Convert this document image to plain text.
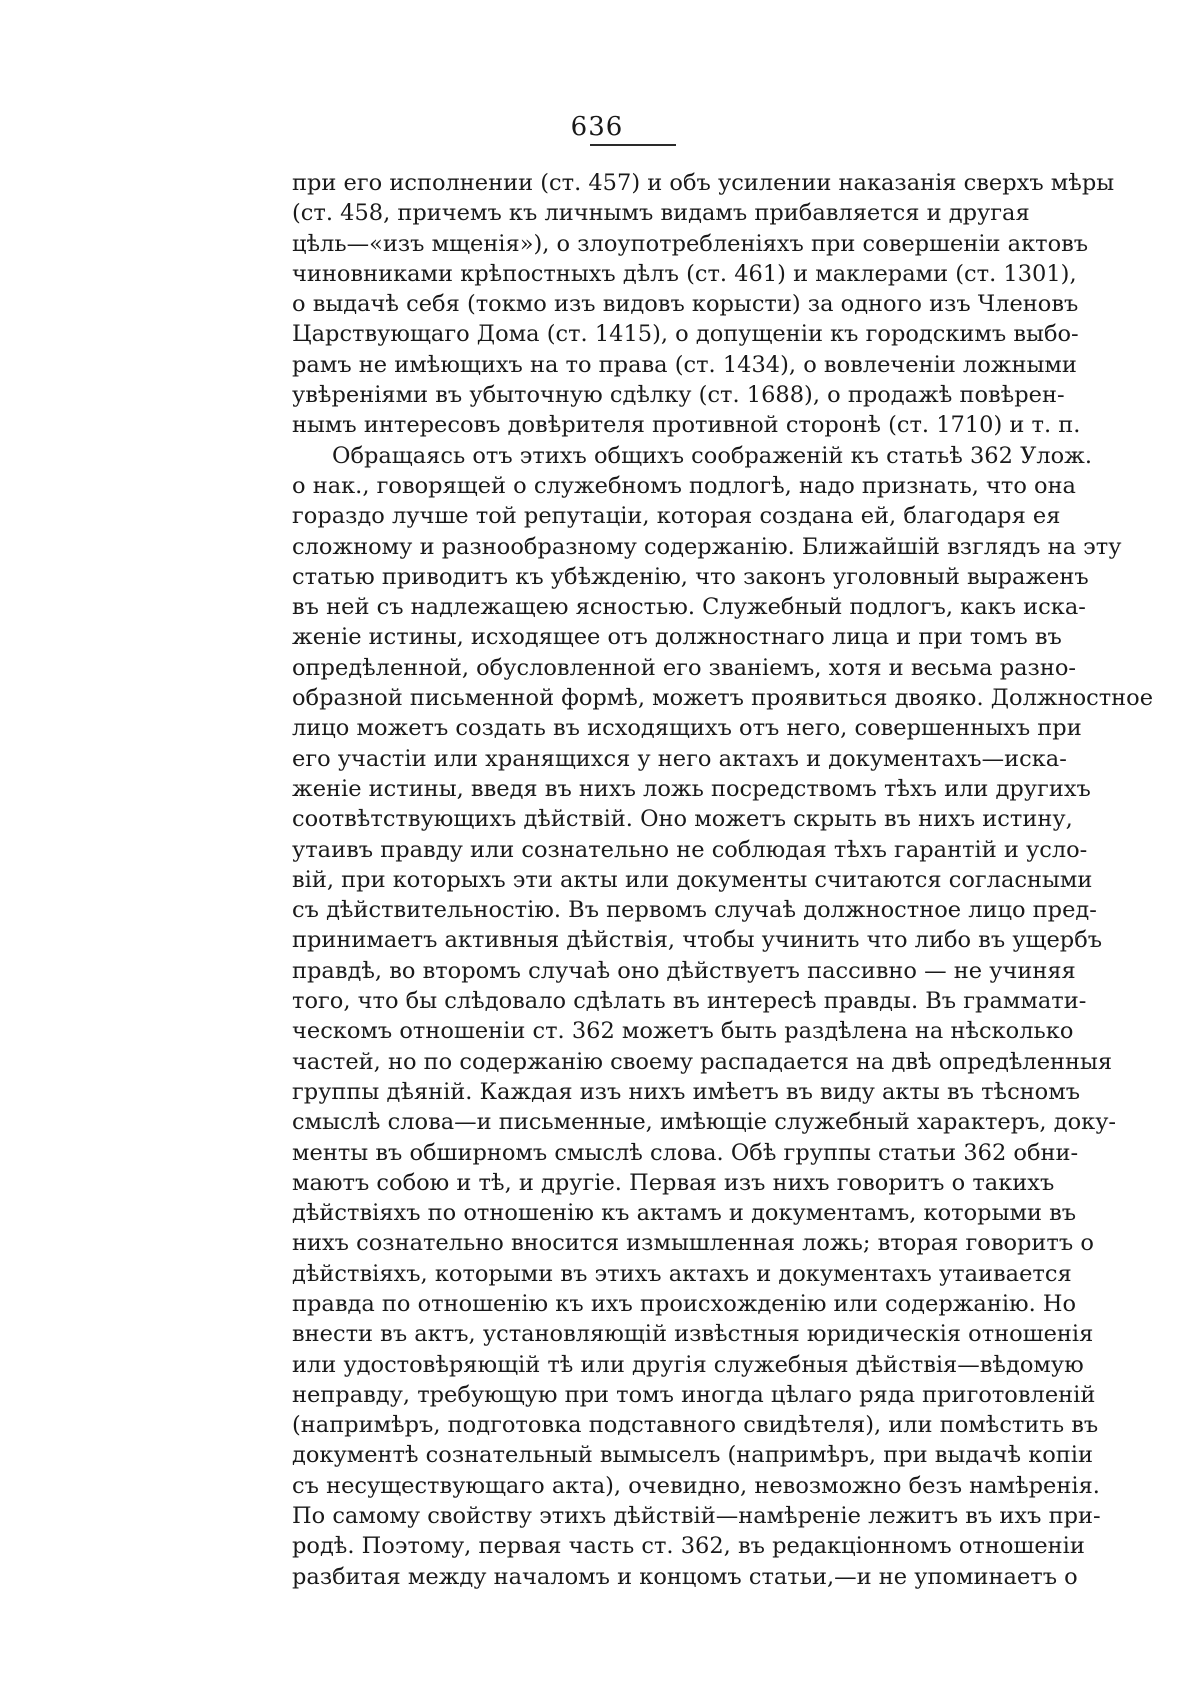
636
при его исполнении (ст. 457) и объ усилении наказанія сверхъ мѣры
(ст. 458, причемъ къ личнымъ видамъ прибавляется и другая
цѣль—«изъ мщенія»), о злоупотребленіяхъ при совершеніи актовъ
чиновниками крѣпостныхъ дѣлъ (ст. 461) и маклерами (ст. 1301),
о выдачѣ себя (токмо изъ видовъ корысти) за одного изъ Членовъ
Царствующаго Дома (ст. 1415), о допущеніи къ городскимъ выбо-
рамъ не имѣющихъ на то права (ст. 1434), о вовлеченіи ложными
увѣреніями въ убыточную сдѣлку (ст. 1688), о продажѣ повѣрен-
нымъ интересовъ довѣрителя противной сторонѣ (ст. 1710) и т. п.
Обращаясь отъ этихъ общихъ соображеній къ статьѣ 362 Улож.
о нак., говорящей о служебномъ подлогѣ, надо признать, что она
гораздо лучше той репутаціи, которая создана ей, благодаря ея
сложному и разнообразному содержанію. Ближайшій взглядъ на эту
статью приводитъ къ убѣжденію, что законъ уголовный выраженъ
въ ней съ надлежащею ясностью. Служебный подлогъ, какъ иска-
женіе истины, исходящее отъ должностнаго лица и при томъ въ
опредѣленной, обусловленной его званіемъ, хотя и весьма разно-
образной письменной формѣ, можетъ проявиться двояко. Должностное
лицо можетъ создать въ исходящихъ отъ него, совершенныхъ при
его участіи или хранящихся у него актахъ и документахъ—иска-
женіе истины, введя въ нихъ ложь посредствомъ тѣхъ или другихъ
соотвѣтствующихъ дѣйствій. Оно можетъ скрыть въ нихъ истину,
утаивъ правду или сознательно не соблюдая тѣхъ гарантій и усло-
вій, при которыхъ эти акты или документы считаются согласными
съ дѣйствительностію. Въ первомъ случаѣ должностное лицо пред-
принимаетъ активныя дѣйствія, чтобы учинить что либо въ ущербъ
правдѣ, во второмъ случаѣ оно дѣйствуетъ пассивно — не учиняя
того, что бы слѣдовало сдѣлать въ интересѣ правды. Въ граммати-
ческомъ отношеніи ст. 362 можетъ быть раздѣлена на нѣсколько
частей, но по содержанію своему распадается на двѣ опредѣленныя
группы дѣяній. Каждая изъ нихъ имѣетъ въ виду акты въ тѣсномъ
смыслѣ слова—и письменные, имѣющіе служебный характеръ, доку-
менты въ обширномъ смыслѣ слова. Обѣ группы статьи 362 обни-
маютъ собою и тѣ, и другіе. Первая изъ нихъ говоритъ о такихъ
дѣйствіяхъ по отношенію къ актамъ и документамъ, которыми въ
нихъ сознательно вносится измышленная ложь; вторая говоритъ о
дѣйствіяхъ, которыми въ этихъ актахъ и документахъ утаивается
правда по отношенію къ ихъ происхожденію или содержанію. Но
внести въ актъ, установляющій извѣстныя юридическія отношенія
или удостовѣряющій тѣ или другія служебныя дѣйствія—вѣдомую
неправду, требующую при томъ иногда цѣлаго ряда приготовленій
(напримѣръ, подготовка подставного свидѣтеля), или помѣстить въ
документѣ сознательный вымыселъ (напримѣръ, при выдачѣ копіи
съ несуществующаго акта), очевидно, невозможно безъ намѣренія.
По самому свойству этихъ дѣйствій—намѣреніе лежитъ въ ихъ при-
родѣ. Поэтому, первая часть ст. 362, въ редакціонномъ отношеніи
разбитая между началомъ и концомъ статьи,—и не упоминаетъ о
